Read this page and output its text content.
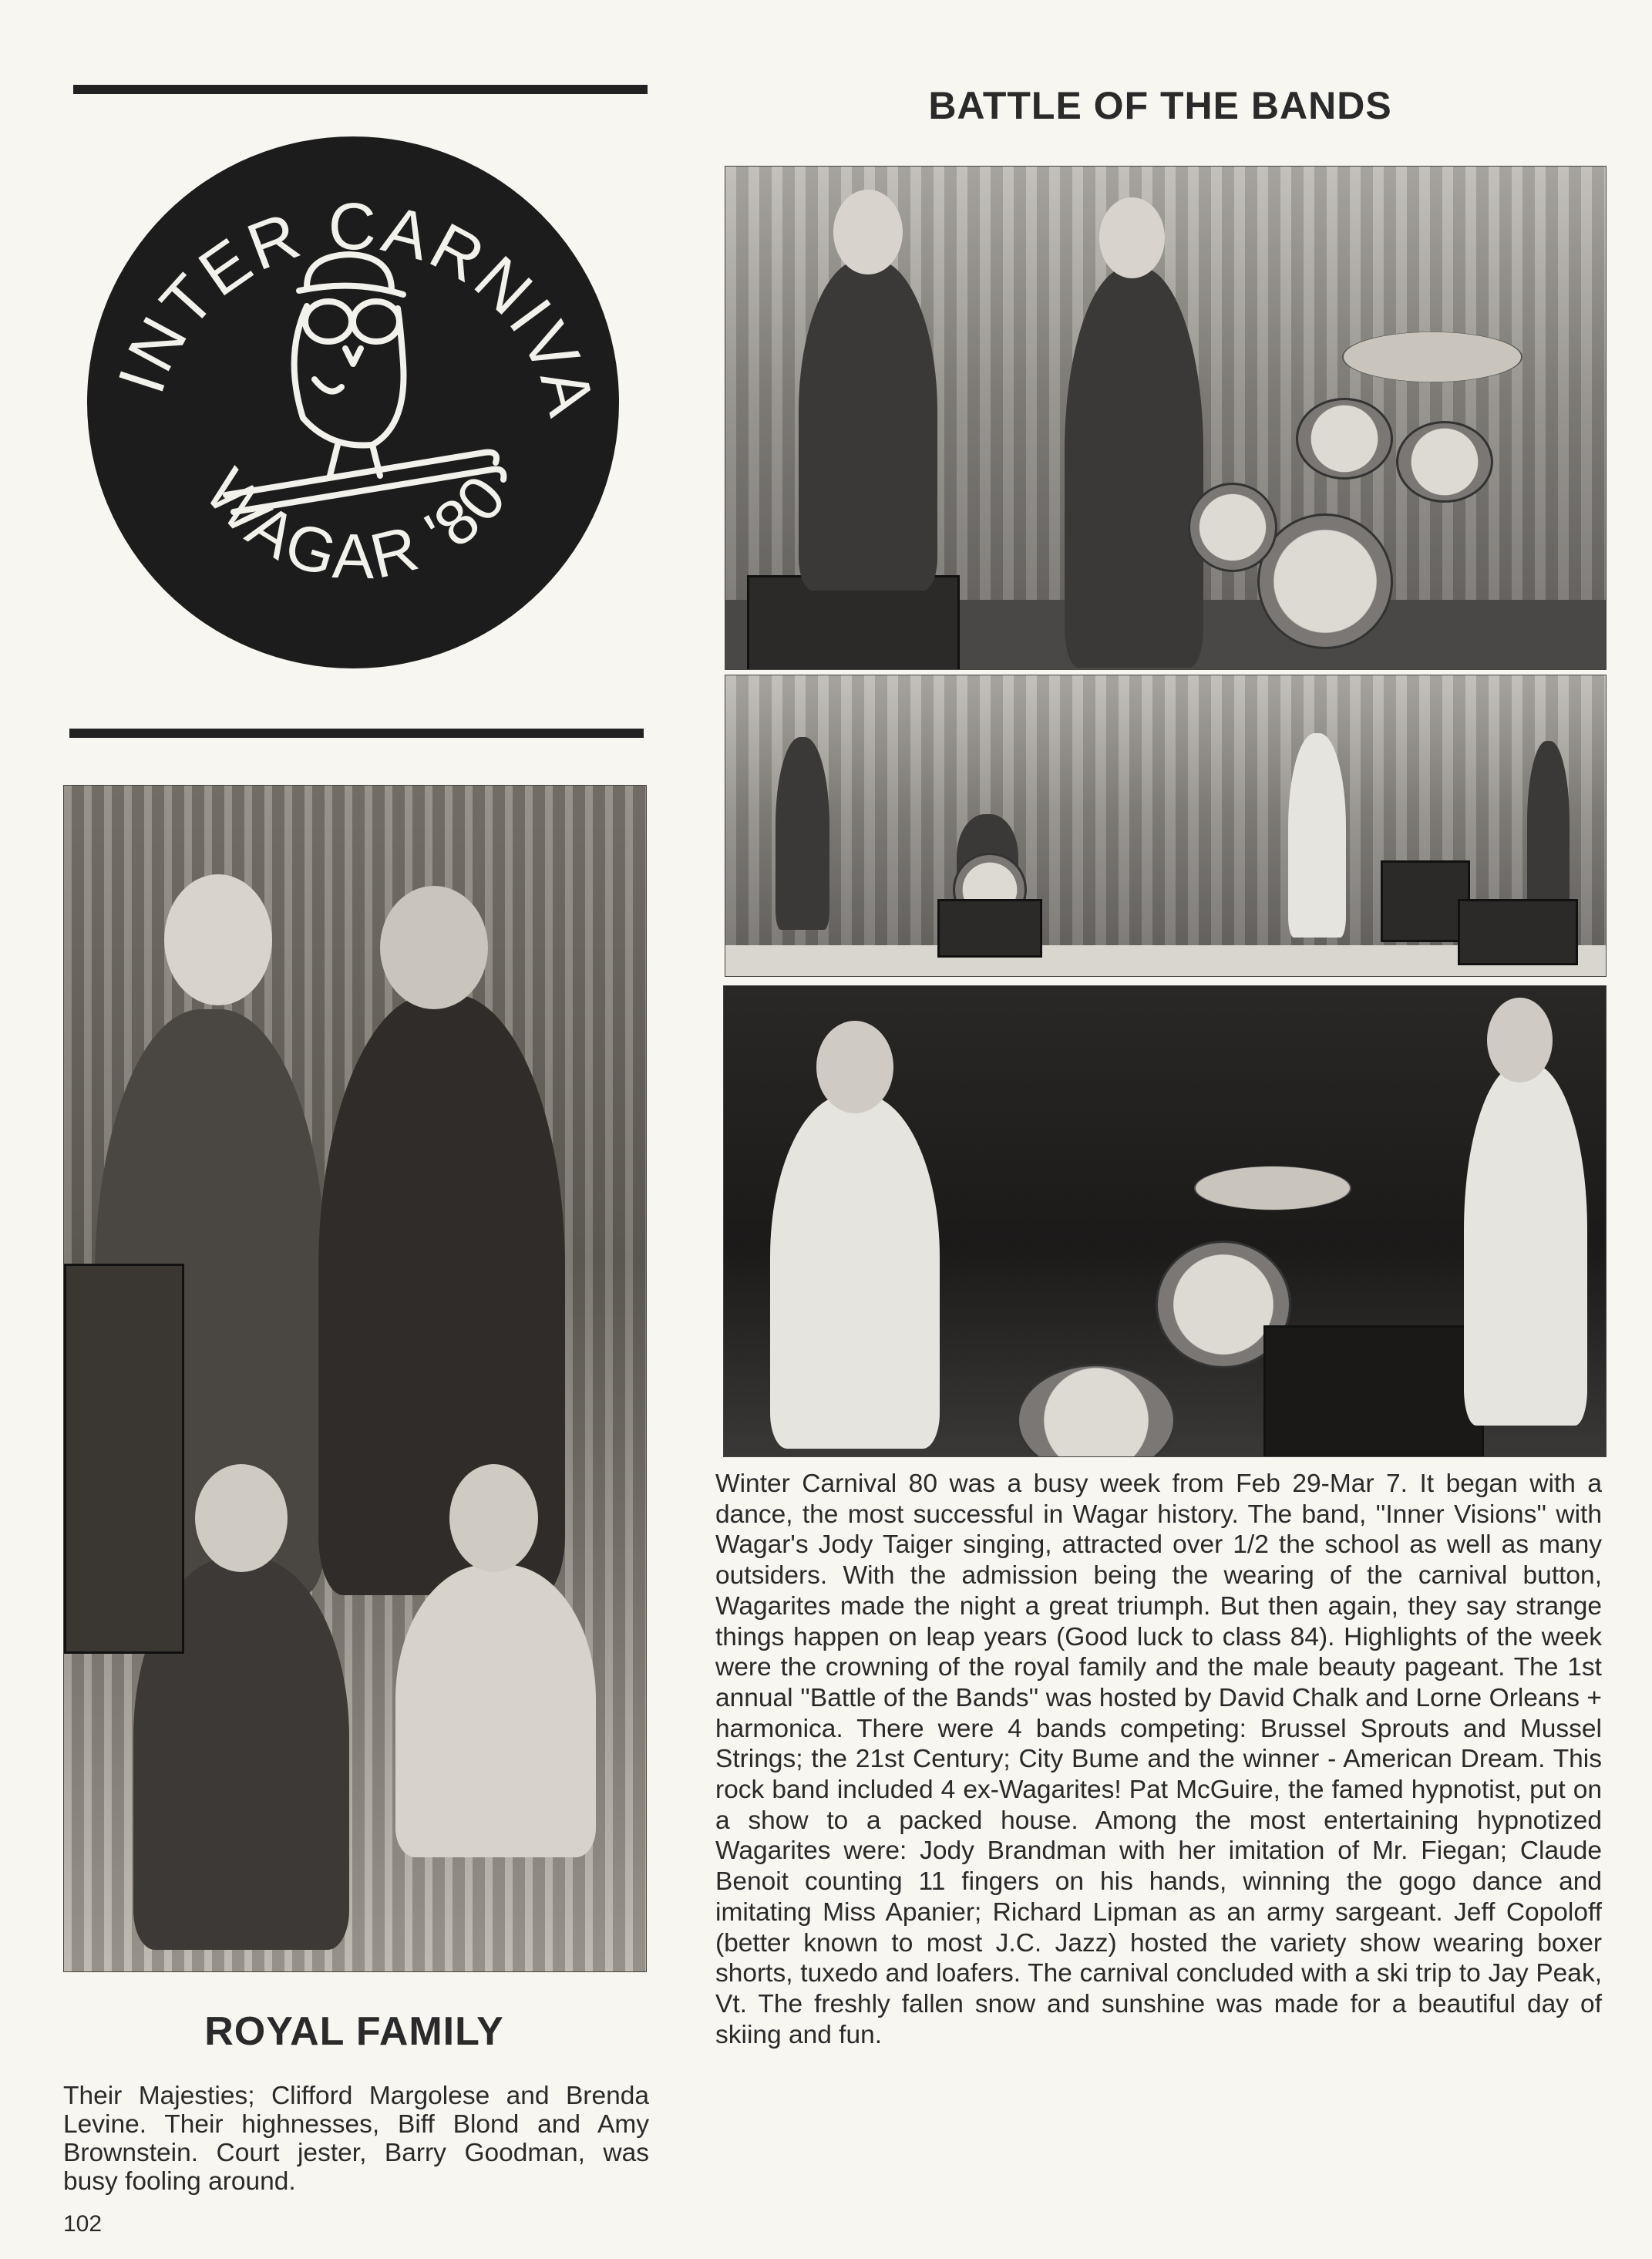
INTER CARNIVA
WAGAR '80
BATTLE OF THE BANDS
Winter Carnival 80 was a busy week from Feb 29-Mar 7. It began with a dance, the most successful in Wagar history. The band, ''Inner Visions'' with Wagar's Jody Taiger singing, attracted over 1/2 the school as well as many outsiders. With the admission being the wearing of the carnival button, Wagarites made the night a great triumph. But then again, they say strange things happen on leap years (Good luck to class 84). Highlights of the week were the crowning of the royal family and the male beauty pageant. The 1st annual ''Battle of the Bands'' was hosted by David Chalk and Lorne Orleans + harmonica. There were 4 bands competing: Brussel Sprouts and Mussel Strings; the 21st Century; City Bume and the winner - American Dream. This rock band included 4 ex-Wagarites! Pat McGuire, the famed hypnotist, put on a show to a packed house. Among the most entertaining hypnotized Wagarites were: Jody Brandman with her imitation of Mr. Fiegan; Claude Benoit counting 11 fingers on his hands, winning the gogo dance and imitating Miss Apanier; Richard Lipman as an army sargeant. Jeff Copoloff (better known to most J.C. Jazz) hosted the variety show wearing boxer shorts, tuxedo and loafers. The carnival concluded with a ski trip to Jay Peak, Vt. The freshly fallen snow and sunshine was made for a beautiful day of skiing and fun.
ROYAL FAMILY
Their Majesties; Clifford Margolese and Brenda Levine. Their highnesses, Biff Blond and Amy Brownstein. Court jester, Barry Goodman, was busy fooling around.
102
